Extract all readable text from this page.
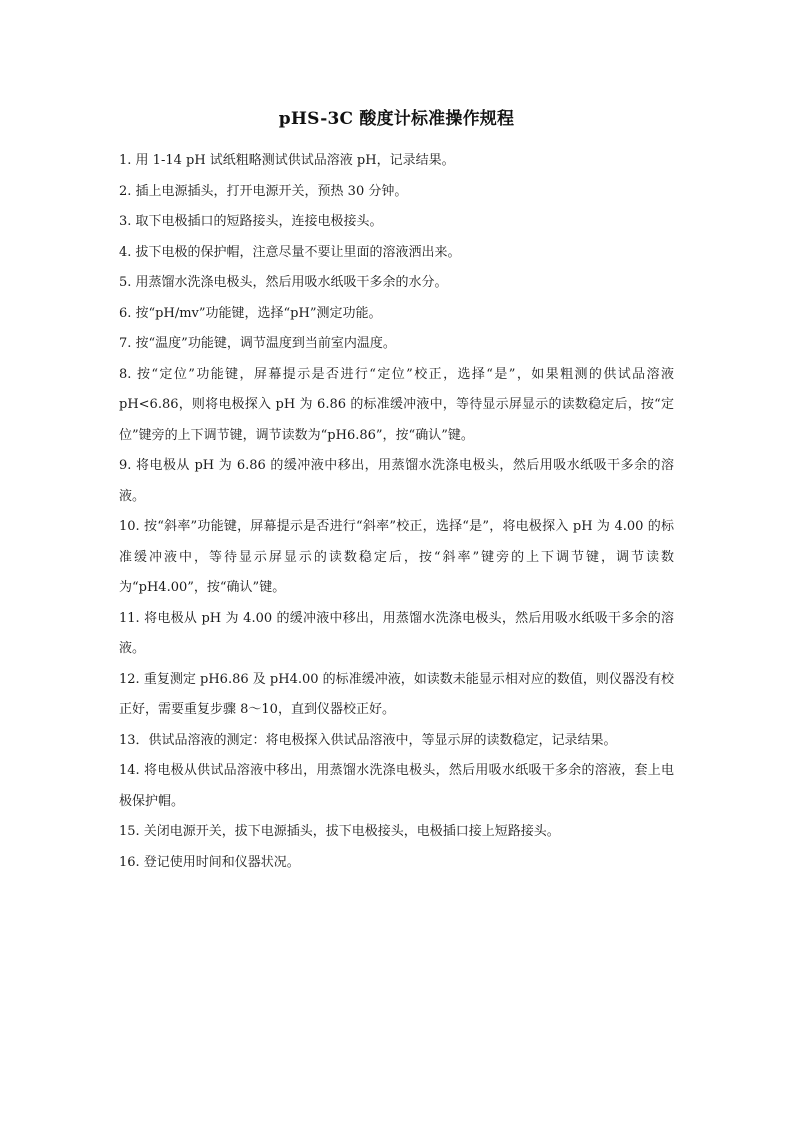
pHS-3C 酸度计标准操作规程
1. 用 1-14 pH 试纸粗略测试供试品溶液 pH，记录结果。
2. 插上电源插头，打开电源开关，预热 30 分钟。
3. 取下电极插口的短路接头，连接电极接头。
4. 拔下电极的保护帽，注意尽量不要让里面的溶液洒出来。
5. 用蒸馏水洗涤电极头，然后用吸水纸吸干多余的水分。
6. 按“pH/mv”功能键，选择“pH”测定功能。
7. 按“温度”功能键，调节温度到当前室内温度。
8. 按“定位”功能键，屏幕提示是否进行“定位”校正，选择“是”，如果粗测的供试品溶液 pH<6.86，则将电极探入 pH 为 6.86 的标准缓冲液中，等待显示屏显示的读数稳定后，按“定位”键旁的上下调节键，调节读数为“pH6.86”，按“确认”键。
9. 将电极从 pH 为 6.86 的缓冲液中移出，用蒸馏水洗涤电极头，然后用吸水纸吸干多余的溶液。
10. 按“斜率”功能键，屏幕提示是否进行“斜率”校正，选择“是”，将电极探入 pH 为 4.00 的标准缓冲液中，等待显示屏显示的读数稳定后，按“斜率”键旁的上下调节键，调节读数为“pH4.00”，按“确认”键。
11. 将电极从 pH 为 4.00 的缓冲液中移出，用蒸馏水洗涤电极头，然后用吸水纸吸干多余的溶液。
12. 重复测定 pH6.86 及 pH4.00 的标准缓冲液，如读数未能显示相对应的数值，则仪器没有校正好，需要重复步骤 8～10，直到仪器校正好。
13．供试品溶液的测定：将电极探入供试品溶液中，等显示屏的读数稳定，记录结果。
14. 将电极从供试品溶液中移出，用蒸馏水洗涤电极头，然后用吸水纸吸干多余的溶液，套上电极保护帽。
15. 关闭电源开关，拔下电源插头，拔下电极接头，电极插口接上短路接头。
16. 登记使用时间和仪器状况。
